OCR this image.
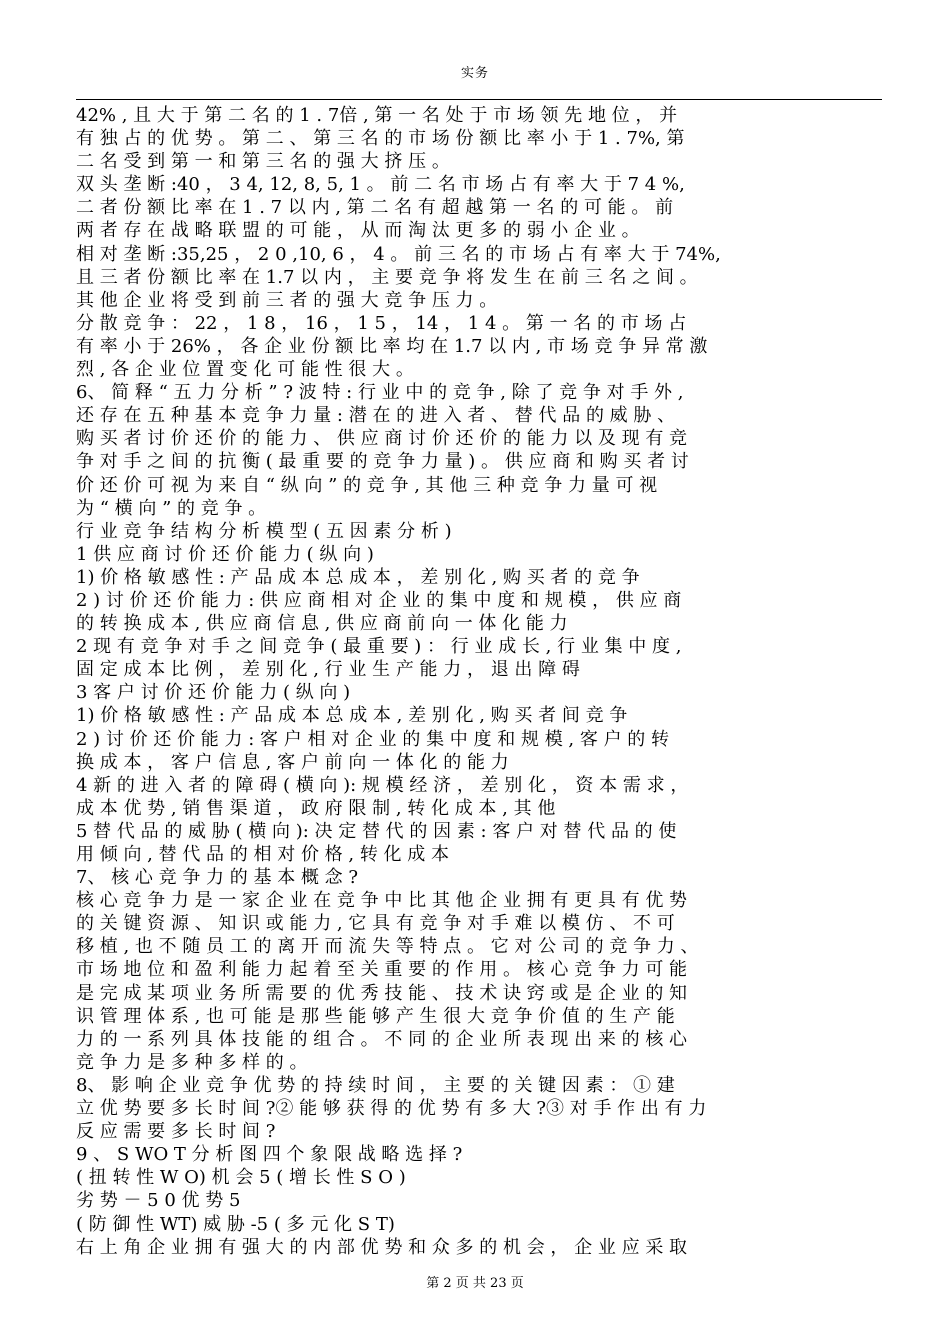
实务
42% , 且 大 于 第 二 名 的 1 . 7倍 , 第 一 名 处 于 市 场 领 先 地 位 ， 并
有 独 占 的 优 势 。 第 二 、 第 三 名 的 市 场 份 额 比 率 小 于 1 . 7%, 第
二 名 受 到 第 一 和 第 三 名 的 强 大 挤 压 。
双 头 垄 断 :40 ， 3 4, 12, 8, 5, 1 。 前 二 名 市 场 占 有 率 大 于 7 4 %,
二 者 份 额 比 率 在 1 . 7 以 内 , 第 二 名 有 超 越 第 一 名 的 可 能 。 前
两 者 存 在 战 略 联 盟 的 可 能 ， 从 而 淘 汰 更 多 的 弱 小 企 业 。
相 对 垄 断 :35,25 ， 2 0 ,10, 6 ， 4 。 前 三 名 的 市 场 占 有 率 大 于 74%,
且 三 者 份 额 比 率 在 1.7 以 内 ， 主 要 竞 争 将 发 生 在 前 三 名 之 间 。
其 他 企 业 将 受 到 前 三 者 的 强 大 竞 争 压 力 。
分 散 竞 争 ： 22 ， 1 8 ， 16 ， 1 5 ， 14 ， 1 4 。 第 一 名 的 市 场 占
有 率 小 于 26% ， 各 企 业 份 额 比 率 均 在 1.7 以 内 , 市 场 竞 争 异 常 激
烈 , 各 企 业 位 置 变 化 可 能 性 很 大 。
6、 简 释 “ 五 力 分 析 ” ? 波 特 : 行 业 中 的 竞 争 , 除 了 竞 争 对 手 外 ,
还 存 在 五 种 基 本 竞 争 力 量 : 潜 在 的 进 入 者 、 替 代 品 的 威 胁 、
购 买 者 讨 价 还 价 的 能 力 、 供 应 商 讨 价 还 价 的 能 力 以 及 现 有 竞
争 对 手 之 间 的 抗 衡 ( 最 重 要 的 竞 争 力 量 ) 。 供 应 商 和 购 买 者 讨
价 还 价 可 视 为 来 自 “ 纵 向 ” 的 竞 争 , 其 他 三 种 竞 争 力 量 可 视
为 “ 横 向 ” 的 竞 争 。
行 业 竞 争 结 构 分 析 模 型 ( 五 因 素 分 析 )
1 供 应 商 讨 价 还 价 能 力 ( 纵 向 )
1) 价 格 敏 感 性 : 产 品 成 本 总 成 本 ， 差 别 化 , 购 买 者 的 竞 争
2 ) 讨 价 还 价 能 力 : 供 应 商 相 对 企 业 的 集 中 度 和 规 模 ， 供 应 商
的 转 换 成 本 , 供 应 商 信 息 , 供 应 商 前 向 一 体 化 能 力
2 现 有 竞 争 对 手 之 间 竞 争 ( 最 重 要 ) ： 行 业 成 长 , 行 业 集 中 度 ,
固 定 成 本 比 例 ， 差 别 化 , 行 业 生 产 能 力 ， 退 出 障 碍
3 客 户 讨 价 还 价 能 力 ( 纵 向 )
1) 价 格 敏 感 性 : 产 品 成 本 总 成 本 , 差 别 化 , 购 买 者 间 竞 争
2 ) 讨 价 还 价 能 力 : 客 户 相 对 企 业 的 集 中 度 和 规 模 , 客 户 的 转
换 成 本 ， 客 户 信 息 , 客 户 前 向 一 体 化 的 能 力
4 新 的 进 入 者 的 障 碍 ( 横 向 ): 规 模 经 济 ， 差 别 化 ， 资 本 需 求 ，
成 本 优 势 , 销 售 渠 道 ， 政 府 限 制 , 转 化 成 本 , 其 他
5 替 代 品 的 威 胁 ( 横 向 ): 决 定 替 代 的 因 素 : 客 户 对 替 代 品 的 使
用 倾 向 , 替 代 品 的 相 对 价 格 , 转 化 成 本
7、 核 心 竞 争 力 的 基 本 概 念 ?
核 心 竞 争 力 是 一 家 企 业 在 竞 争 中 比 其 他 企 业 拥 有 更 具 有 优 势
的 关 键 资 源 、 知 识 或 能 力 , 它 具 有 竞 争 对 手 难 以 模 仿 、 不 可
移 植 , 也 不 随 员 工 的 离 开 而 流 失 等 特 点 。 它 对 公 司 的 竞 争 力 、
市 场 地 位 和 盈 利 能 力 起 着 至 关 重 要 的 作 用 。 核 心 竞 争 力 可 能
是 完 成 某 项 业 务 所 需 要 的 优 秀 技 能 、 技 术 诀 窍 或 是 企 业 的 知
识 管 理 体 系 , 也 可 能 是 那 些 能 够 产 生 很 大 竞 争 价 值 的 生 产 能
力 的 一 系 列 具 体 技 能 的 组 合 。 不 同 的 企 业 所 表 现 出 来 的 核 心
竞 争 力 是 多 种 多 样 的 。
8、 影 响 企 业 竞 争 优 势 的 持 续 时 间 ， 主 要 的 关 键 因 素 ： ① 建
立 优 势 要 多 长 时 间 ?② 能 够 获 得 的 优 势 有 多 大 ?③ 对 手 作 出 有 力
反 应 需 要 多 长 时 间 ?
9 、 S WO T 分 析 图 四 个 象 限 战 略 选 择 ?
( 扭 转 性 W O) 机 会 5 ( 增 长 性 S O )
劣 势 － 5 0 优 势 5
( 防 御 性 WT) 威 胁 -5 ( 多 元 化 S T)
右 上 角 企 业 拥 有 强 大 的 内 部 优 势 和 众 多 的 机 会 ， 企 业 应 采 取
第 2 页 共 23 页
